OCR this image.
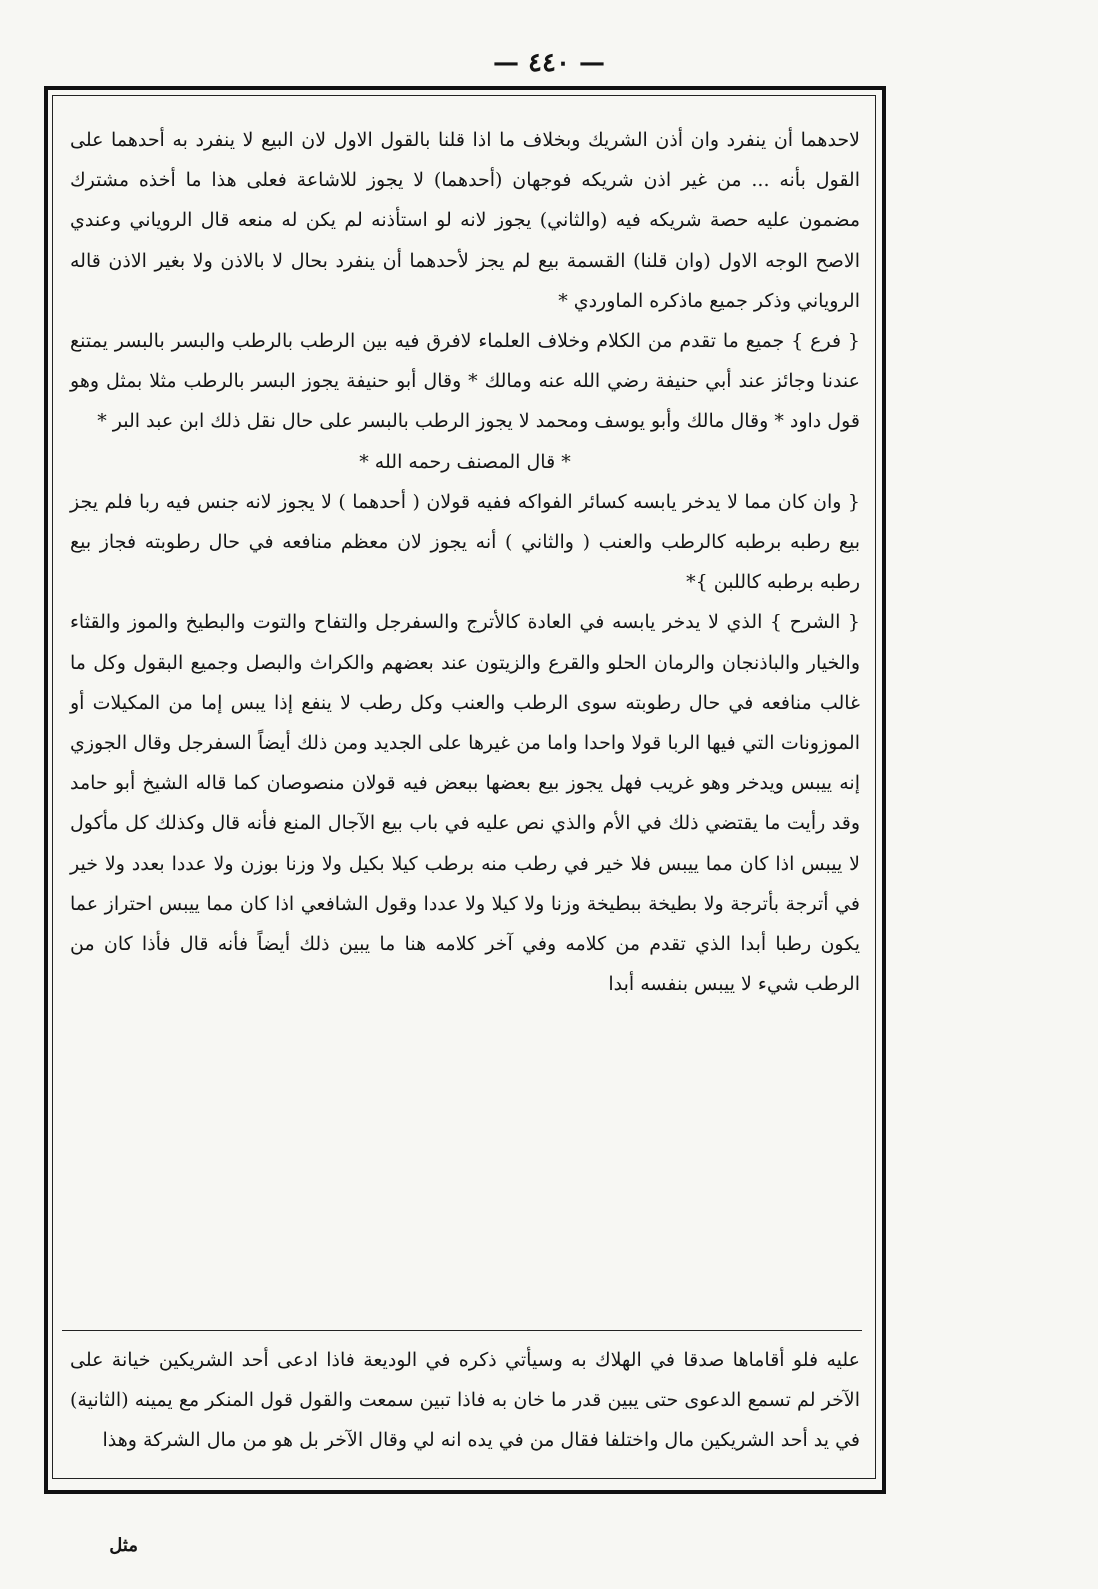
— ٤٤٠ —

لاحدهما أن ينفرد وان أذن الشريك وبخلاف ما اذا قلنا بالقول الاول لان البيع لا ينفرد به أحدهما على القول بأنه ... من غير اذن شريكه فوجهان (أحدهما) لا يجوز للاشاعة فعلى هذا ما أخذه مشترك مضمون عليه حصة شريكه فيه (والثاني) يجوز لانه لو استأذنه لم يكن له منعه قال الروياني وعندي الاصح الوجه الاول (وان قلنا) القسمة بيع لم يجز لأحدهما أن ينفرد بحال لا بالاذن ولا بغير الاذن قاله الروياني وذكر جميع ماذكره الماوردي *

{ فرع } جميع ما تقدم من الكلام وخلاف العلماء لافرق فيه بين الرطب بالرطب والبسر بالبسر يمتنع عندنا وجائز عند أبي حنيفة رضي الله عنه ومالك * وقال أبو حنيفة يجوز البسر بالرطب مثلا بمثل وهو قول داود * وقال مالك وأبو يوسف ومحمد لا يجوز الرطب بالبسر على حال نقل ذلك ابن عبد البر *

* قال المصنف رحمه الله *

{ وان كان مما لا يدخر يابسه كسائر الفواكه ففيه قولان ( أحدهما ) لا يجوز لانه جنس فيه ربا فلم يجز بيع رطبه برطبه كالرطب والعنب ( والثاني ) أنه يجوز لان معظم منافعه في حال رطوبته فجاز بيع رطبه برطبه كاللبن }*

{ الشرح } الذي لا يدخر يابسه في العادة كالأترج والسفرجل والتفاح والتوت والبطيخ والموز والقثاء والخيار والباذنجان والرمان الحلو والقرع والزيتون عند بعضهم والكراث والبصل وجميع البقول وكل ما غالب منافعه في حال رطوبته سوى الرطب والعنب وكل رطب لا ينفع إذا يبس إما من المكيلات أو الموزونات التي فيها الربا قولا واحدا واما من غيرها على الجديد ومن ذلك أيضاً السفرجل وقال الجوزي إنه ييبس ويدخر وهو غريب فهل يجوز بيع بعضها ببعض فيه قولان منصوصان كما قاله الشيخ أبو حامد وقد رأيت ما يقتضي ذلك في الأم والذي نص عليه في باب بيع الآجال المنع فأنه قال وكذلك كل مأكول لا ييبس اذا كان مما ييبس فلا خير في رطب منه برطب كيلا بكيل ولا وزنا بوزن ولا عددا بعدد ولا خير في أترجة بأترجة ولا بطيخة ببطيخة وزنا ولا كيلا ولا عددا وقول الشافعي اذا كان مما ييبس احتراز عما يكون رطبا أبدا الذي تقدم من كلامه وفي آخر كلامه هنا ما يبين ذلك أيضاً فأنه قال فأذا كان من الرطب شيء لا ييبس بنفسه أبدا

عليه فلو أقاماها صدقا في الهلاك به وسيأتي ذكره في الوديعة فاذا ادعى أحد الشريكين خيانة على الآخر لم تسمع الدعوى حتى يبين قدر ما خان به فاذا تبين سمعت والقول قول المنكر مع يمينه (الثانية) في يد أحد الشريكين مال واختلفا فقال من في يده انه لي وقال الآخر بل هو من مال الشركة وهذا

مثل
